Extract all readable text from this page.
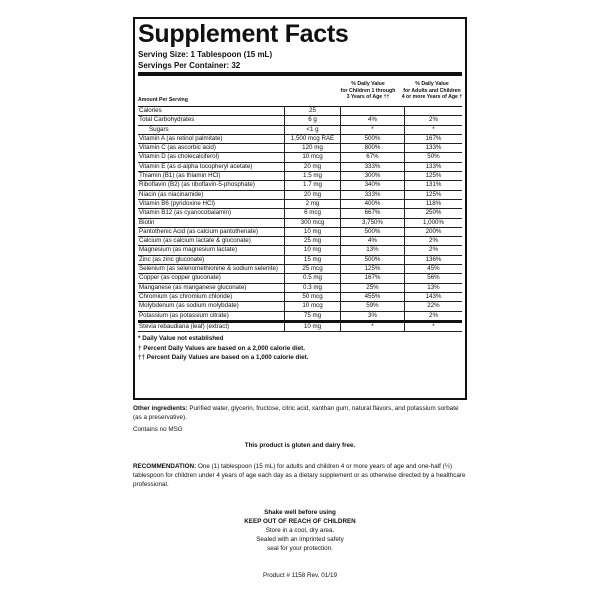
Supplement Facts
Serving Size: 1 Tablespoon (15 mL)
Servings Per Container: 32
Amount Per Serving
% Daily Value
for Children 1 through
3 Years of Age ††
% Daily Value
for Adults and Children
4 or more Years of Age †
Calories	25		
Total Carbohydrates	6 g	4%	2%
Sugars	<1 g	*	*
Vitamin A (as retinol palmitate)	1,500 mcg RAE	500%	167%
Vitamin C (as ascorbic acid)	120 mg	800%	133%
Vitamin D (as cholecalciferol)	10 mcg	67%	50%
Vitamin E (as d-alpha tocopheryl acetate)	20 mg	333%	133%
Thiamin (B1) (as thiamin HCl)	1.5 mg	300%	125%
Riboflavin (B2) (as riboflavin-5-phosphate)	1.7 mg	340%	131%
Niacin (as niacinamide)	20 mg	333%	125%
Vitamin B6 (pyridoxine HCl)	2 mg	400%	118%
Vitamin B12 (as cyanocobalamin)	6 mcg	667%	250%
Biotin	300 mcg	3,750%	1,000%
Pantothenic Acid (as calcium pantothenate)	10 mg	500%	200%
Calcium (as calcium lactate & gluconate)	25 mg	4%	2%
Magnesium (as magnesium lactate)	10 mg	13%	2%
Zinc (as zinc gluconate)	15 mg	500%	136%
Selenium (as selenomethionine & sodium selenite)	25 mcg	125%	45%
Copper (as copper gluconate)	0.5 mg	167%	56%
Manganese (as manganese gluconate)	0.3 mg	25%	13%
Chromium (as chromium chloride)	50 mcg	455%	143%
Molybdenum (as sodium molybdate)	10 mcg	59%	22%
Potassium (as potassium citrate)	75 mg	3%	2%
Stevia rebaudiana (leaf) (extract)	10 mg	*	*
* Daily Value not established
† Percent Daily Values are based on a 2,000 calorie diet.
†† Percent Daily Values are based on a 1,000 calorie diet.
Other ingredients: Purified water, glycerin, fructose, citric acid, xanthan gum, natural flavors, and potassium sorbate (as a preservative).
Contains no MSG
This product is gluten and dairy free.
RECOMMENDATION: One (1) tablespoon (15 mL) for adults and children 4 or more years of age and one-half (½) tablespoon for children under 4 years of age each day as a dietary supplement or as otherwise directed by a healthcare professional.
Shake well before using
KEEP OUT OF REACH OF CHILDREN
Store in a cool, dry area.
Sealed with an imprinted safety
seal for your protection.
Product # 1158 Rev. 01/19
